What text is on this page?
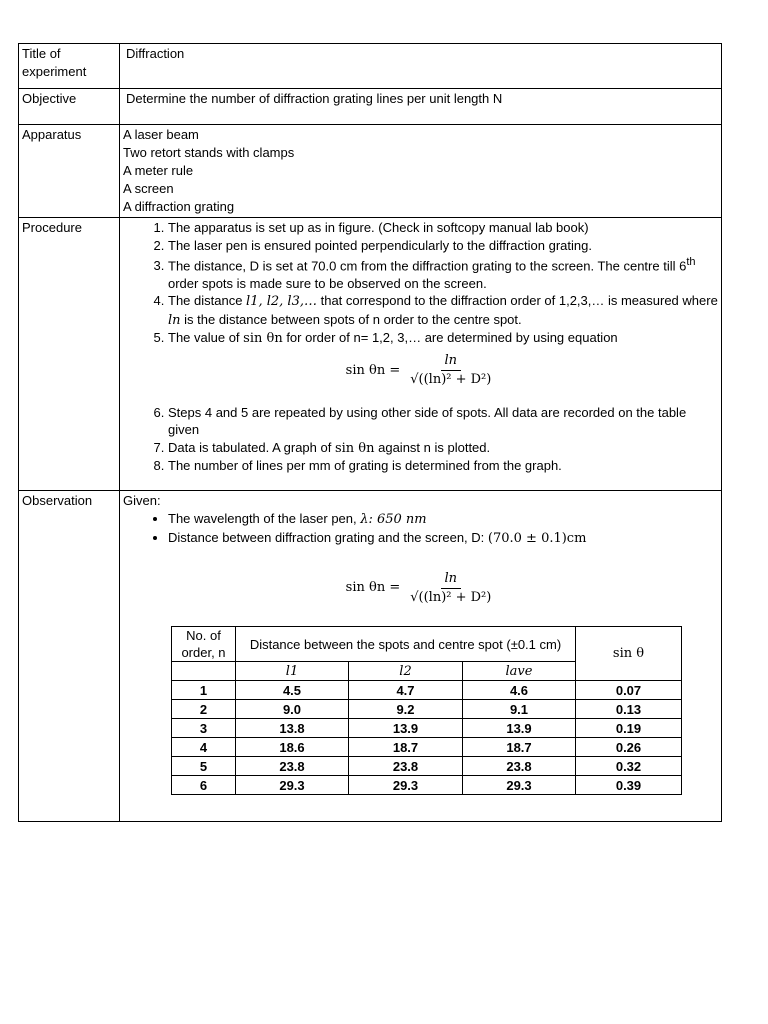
Title of experiment	Diffraction
Objective	Determine the number of diffraction grating lines per unit length N
Apparatus	A laser beam
Two retort stands with clamps
A meter rule
A screen
A diffraction grating

Procedure	
1.The apparatus is set up as in figure. (Check in softcopy manual lab book)
2. The laser pen is ensured pointed perpendicularly to the diffraction grating.
3. The distance, D is set at 70.0 cm from the diffraction grating to the screen. The centre till 6th order spots is made sure to be observed on the screen.
4. The distance l1, l2, l3,… that correspond to the diffraction order of 1,2,3,… is measured where ln is the distance between spots of n order to the centre spot.
5. The value of sin θn for order of n= 1,2, 3,… are determined by using equation
$\sin \theta n = \frac{\ln}{\text{√((ln)² + D²)}}$
6. Steps 4 and 5 are repeated by using other side of spots. All data are recorded on the table given
7. Data is tabulated. A graph of sin θn against n is plotted.
8. The number of lines per mm of grating is determined from the graph.

Observation	Given:
• The wavelength of the laser pen, λ: 650 nm
• Distance between diffraction grating and the screen, D: (70.0 ± 0.1)cm
$\sin \theta n = \frac{\ln}{\text{√((ln)² + D²)}}$
No. of order, n	Distance between the spots and centre spot (±0.1 cm)	sin θ

	l1	l2	lave
1	4.5	4.7	4.6	0.07
2	9.0	9.2	9.1	0.13
3	13.8	13.9	13.9	0.19
4	18.6	18.7	18.7	0.26
5	23.8	23.8	23.8	0.32
6	29.3	29.3	29.3	0.39
